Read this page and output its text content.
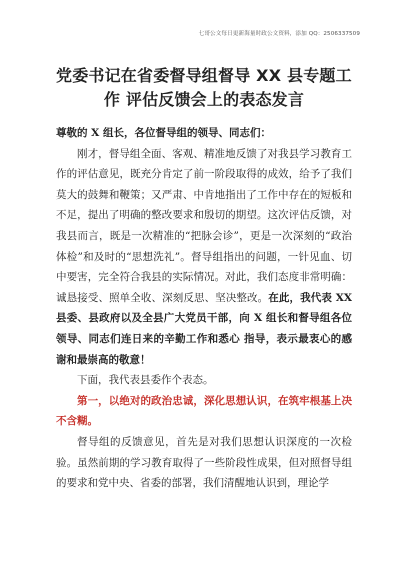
七哥公文每日更新海量时政公文资料，添加 QQ：2506337509
党委书记在省委督导组督导 XX 县专题工
作 评估反馈会上的表态发言

尊敬的 X 组长，各位督导组的领导、同志们：

刚才，督导组全面、客观、精准地反馈了对我县学习教育工作的评估意见，既充分肯定了前一阶段取得的成效，给予了我们莫大的鼓舞和鞭策；又严肃、中肯地指出了工作中存在的短板和不足，提出了明确的整改要求和殷切的期望。这次评估反馈，对我县而言，既是一次精准的“把脉会诊”，更是一次深刻的“政治体检”和及时的“思想洗礼”。督导组指出的问题，一针见血、切中要害，完全符合我县的实际情况。对此，我们态度非常明确：诚恳接受、照单全收、深刻反思、坚决整改。在此，我代表 XX 县委、县政府以及全县广大党员干部，向 X 组长和督导组各位领导、同志们连日来的辛勤工作和悉心 指导，表示最衷心的感谢和最崇高的敬意！

下面，我代表县委作个表态。

第一，以绝对的政治忠诚，深化思想认识，在筑牢根基上决不含糊。

督导组的反馈意见，首先是对我们思想认识深度的一次检验。虽然前期的学习教育取得了一些阶段性成果，但对照督导组的要求和党中央、省委的部署，我们清醒地认识到，理论学
